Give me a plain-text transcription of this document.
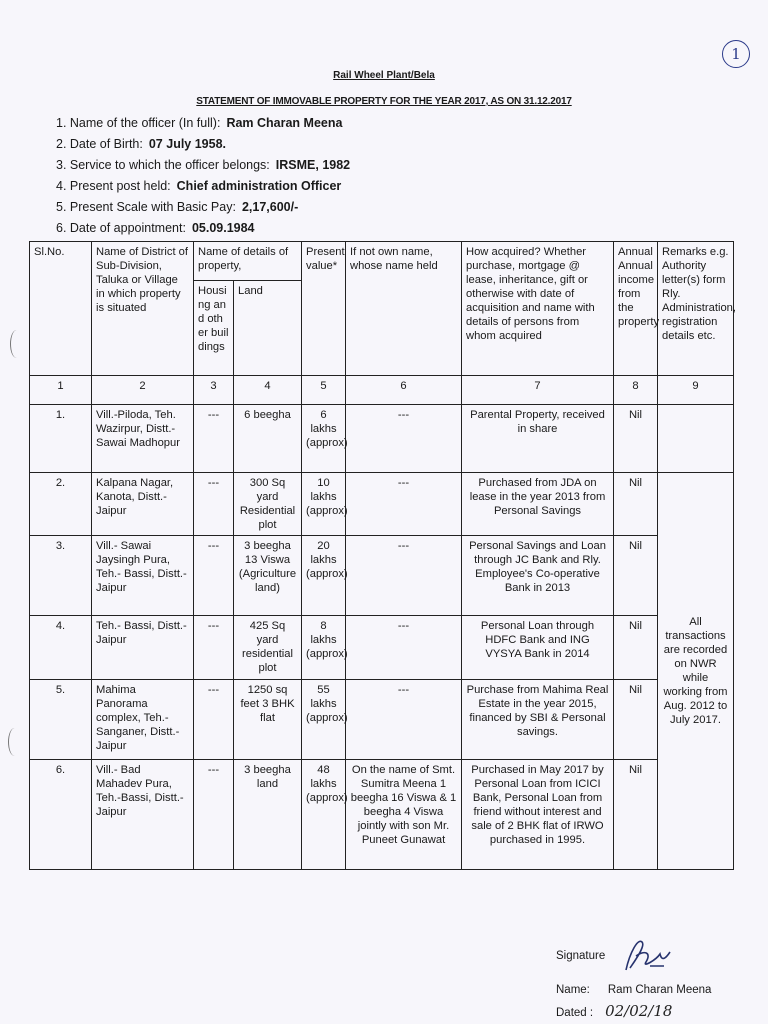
1
Rail Wheel Plant/Bela
STATEMENT OF IMMOVABLE PROPERTY FOR THE YEAR 2017, AS ON 31.12.2017
1. Name of the officer (In full): Ram Charan Meena
2. Date of Birth: 07 July 1958.
3. Service to which the officer belongs: IRSME, 1982
4. Present post held: Chief administration Officer
5. Present Scale with Basic Pay: 2,17,600/-
6. Date of appointment: 05.09.1984
Sl.No.	Name of District of Sub-Division, Taluka or Village in which property is situated	Name of details of property,		Present value*	If not own name, whose name held	How acquired? Whether purchase, mortgage @ lease, inheritance, gift or otherwise with date of acquisition and name with details of persons from whom acquired	Annual Annual income from the property	Remarks e.g. Authority letter(s) form Rly. Administration, registration details etc.	
		Housing and other buildings	Land						
1	2	3	4	5	6	7	8	9	
1.	Vill.-Piloda, Teh. Wazirpur, Distt.- Sawai Madhopur	---	6 beegha	6 lakhs (approx)	---	Parental Property, received in share	Nil		
2.	Kalpana Nagar, Kanota, Distt.-Jaipur	---	300 Sq yard Residential plot	10 lakhs (approx)	---	Purchased from JDA on lease in the year 2013 from Personal Savings	Nil	All transactions are recorded on NWR while working from Aug. 2012 to July 2017.	
3.	Vill.- Sawai Jaysingh Pura, Teh.- Bassi, Distt.- Jaipur	---	3 beegha 13 Viswa (Agriculture land)	20 lakhs (approx)	---	Personal Savings and Loan through JC Bank and Rly. Employee's Co-operative Bank in 2013	Nil		
4.	Teh.- Bassi, Distt.- Jaipur	---	425 Sq yard residential plot	8 lakhs (approx)	---	Personal Loan through HDFC Bank and ING VYSYA Bank in 2014	Nil		
5.	Mahima Panorama complex, Teh.- Sanganer, Distt.- Jaipur	---	1250 sq feet 3 BHK flat	55 lakhs (approx)	---	Purchase from Mahima Real Estate in the year 2015, financed by SBI & Personal savings.	Nil		
6.	Vill.- Bad Mahadev Pura, Teh.-Bassi, Distt.- Jaipur	---	3 beegha land	48 lakhs (approx)	On the name of Smt. Sumitra Meena 1 beegha 16 Viswa & 1 beegha 4 Viswa jointly with son Mr. Puneet Gunawat	Purchased in May 2017 by Personal Loan from ICICI Bank, Personal Loan from friend without interest and sale of 2 BHK flat of IRWO purchased in 1995.	Nil		
Signature
Name: Ram Charan Meena
Dated : 02/02/18
